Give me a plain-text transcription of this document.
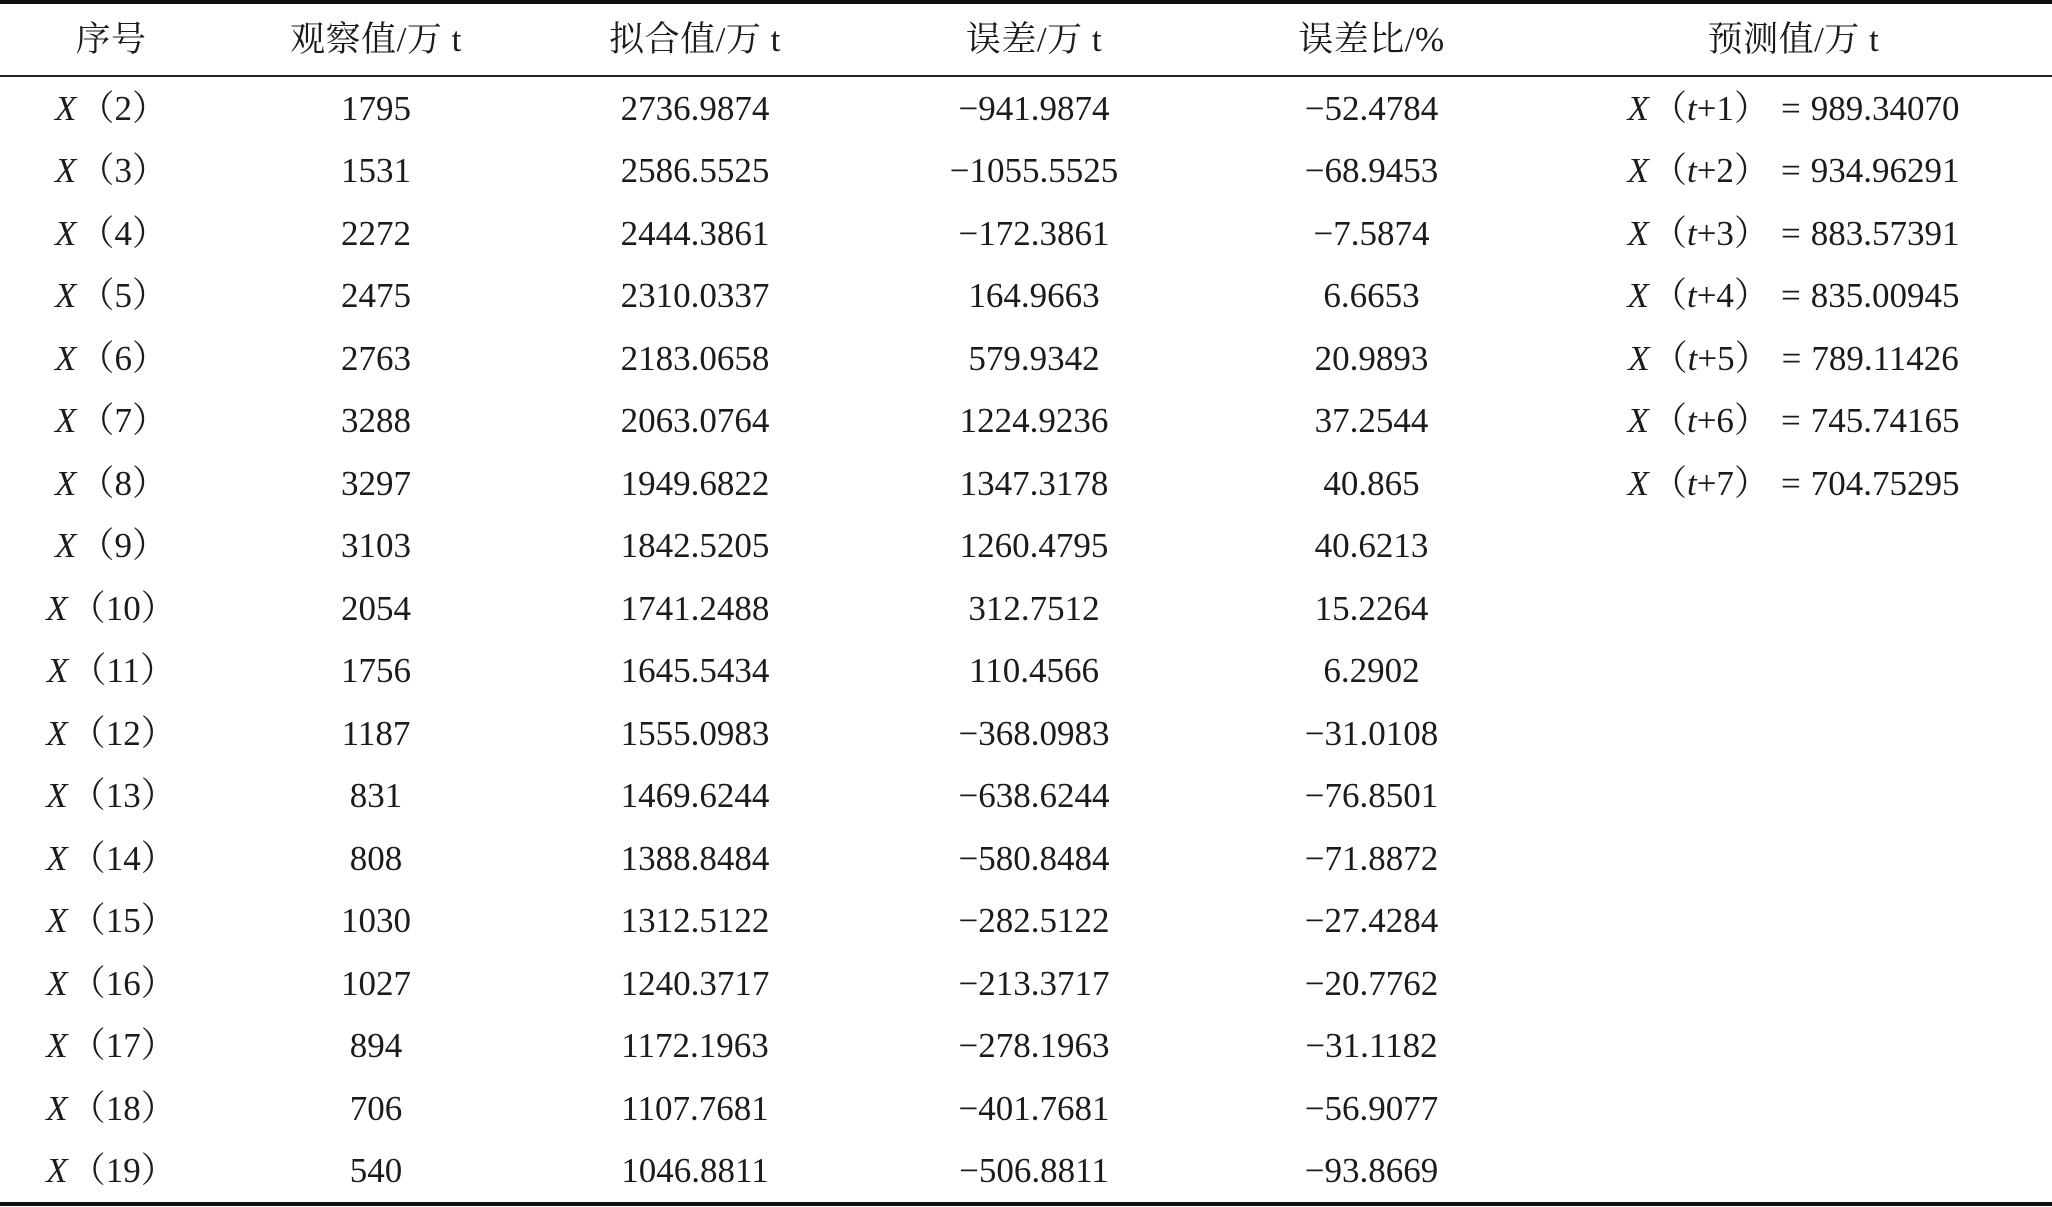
序号	观察值/万 t	拟合值/万 t	误差/万 t	误差比/%	预测值/万 t
X（2）	1795	2736.9874	−941.9874	−52.4784	X（t+1） = 989.34070
X（3）	1531	2586.5525	−1055.5525	−68.9453	X（t+2） = 934.96291
X（4）	2272	2444.3861	−172.3861	−7.5874	X（t+3） = 883.57391
X（5）	2475	2310.0337	164.9663	6.6653	X（t+4） = 835.00945
X（6）	2763	2183.0658	579.9342	20.9893	X（t+5） = 789.11426
X（7）	3288	2063.0764	1224.9236	37.2544	X（t+6） = 745.74165
X（8）	3297	1949.6822	1347.3178	40.865	X（t+7） = 704.75295
X（9）	3103	1842.5205	1260.4795	40.6213
X（10）	2054	1741.2488	312.7512	15.2264
X（11）	1756	1645.5434	110.4566	6.2902
X（12）	1187	1555.0983	−368.0983	−31.0108
X（13）	831	1469.6244	−638.6244	−76.8501
X（14）	808	1388.8484	−580.8484	−71.8872
X（15）	1030	1312.5122	−282.5122	−27.4284
X（16）	1027	1240.3717	−213.3717	−20.7762
X（17）	894	1172.1963	−278.1963	−31.1182
X（18）	706	1107.7681	−401.7681	−56.9077
X（19）	540	1046.8811	−506.8811	−93.8669
